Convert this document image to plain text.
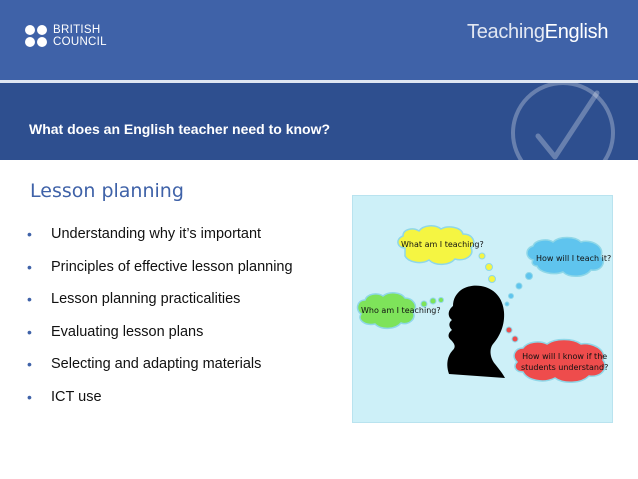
BRITISH
COUNCIL	TeachingEnglish
What does an English teacher need to know?
Lesson planning
• Understanding why it’s important
• Principles of effective lesson planning
• Lesson planning practicalities
• Evaluating lesson plans
• Selecting and adapting materials
• ICT use
What am I teaching?
How will I teach it?
Who am I teaching?
How will I know if the
students understand?
